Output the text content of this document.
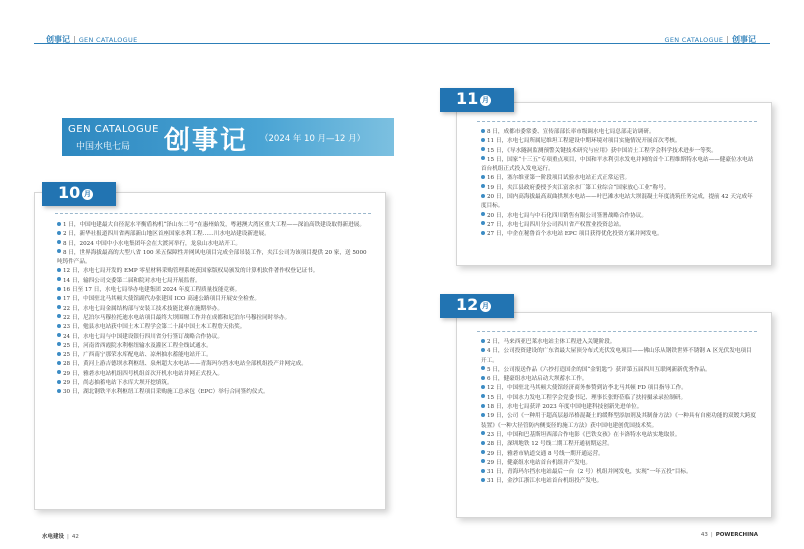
创事记 | GEN CATALOGUE	GEN CATALOGUE | 创事记
GEN CATALOGUE
中国水电七局 创事记 （2024 年 10 月—12 月）
1 日，中国电建最大自径泥水平衡盾构机“泽山东二号”在惠州始发，粤港澳大湾区重大工程——深汕高铁建设取得新进展。
2 日，新华社报道四川省两部新山地区首座国家水利工程……川水电站建设新进展。
8 日，2024 中国中小水电集团年会在大渡河举行，龙泉山水电站开工。
8 日，世界海拔最高的大型八省 100 米五保障性并网风电项目完成全部吊装工作，夹江公司为该项目提供 20 家，送 5000 吨铸件产品。
12 日，水电七局开发的 EMP 零星材料采购管理系统获国家版权局颁发的计算机软件著作权登记证书。
14 日，输四公司交委第二届和院对水电七局开展监督。
16 日至 17 日，水电七局举办电建集团 2024 年度工程质量技能竞赛。
17 日，中国驻北马其顿大使馆副代办张建国 ICO 高速公路项目开展安全检查。
22 日，水电七局金属结构部与安装工技术技能比赛在施期举办。
22 日，尼泊尔马穆拉托迪水电站项目最终大坝围堰工作并在成都和尼泊尔马穆拉同时举办。
23 日，勉县水电站获中国土木工程学会第二十届中国土木工程詹天佑奖。
24 日，水电七局与中国建设银行四川省分行签订战略合作协议。
25 日，河南省西霞院水利枢纽输水及灌区工程全线试通水。
25 日，广西南宁那荣水库配电站、凉州抽水蓄能电站开工。
28 日，黄河上游吉德坝水利枢纽、泉州超大水电站——青海玛尔挡水电站全部机组投产并网完成。
29 日，雅砻水电站机组四号机组首次开机水电站并网正式投入。
29 日，尚志抽蓄电站下水库大坝开挖填筑。
30 日，湖北钢铁平水利枢纽工程项目采购施工总承包（EPC）举行合同签约仪式。
10 月
8 日，成都市委常委、宣传部部长率市级调水电七局总部走访调研。
11 日，水电七局所属尼维坦工程建设中期环境对项目实施情况开展首次考核。
15 日，《导水隧洞监测预警关键技术研究与应用》获中国岩土工程学会科学技术进步一等奖。
15 日，国家“十三五”专项重点项目，中国和平水利引水发电并网的首个工程维斯特水电站——健豪位水电站首台机组正式投入发电运行。
16 日，塞尔维亚第一阶段项目试验水电站正式正常运营。
19 日，夹江县政府委授予夹江富余水厂第工业综合“国家放心工业”称号。
20 日，国内高海拔最高双曲拱坝水电站——叶巴滩水电站大坝混凝土年度浇筑任务完成，提前 42 天完成年度目标。
20 日，水电七局与中石化四川销售有限公司签署战略合作协议。
27 日，水电七局四川分公司四川省产权置业投资总站。
27 日，中企在秘鲁首个水电站 EPC 项目获得优化投资方案并网发电。
11 月
2 日，马来西亚巴莱水电站主体工程进入关键阶段。
4 日，公司投资建设的广东省最大屋顶分布式光伏发电项目——佛山乐从钢铁世界不锈钢 A 区光伏发电项目开工。
5 日，公司报送作品《六抄打造国企的国“金钥匙”》获评第五届四川互联网新新优秀作品。
6 日，健豪组水电站启动大坝蓄水工作。
12 日，中国驻北马其顿大使馆经济商务参赞到访李北马其顿 FD 项目指导工作。
15 日，中国水力发电工程学会党委书记、理事长张野莅临了扶持摄录录拉制研。
18 日，水电七局获评 2023 年度中国电建科技创新先进单位。
19 日，公司《一种用于超高层悬吊格混凝土的缓释型添加剂及其制备方法》《一种具有自密功能的双镀大跨度装置》《一种大径管防内侧变径的施工方法》获中国电建创优国技术奖。
23 日，中国和巴基斯坦西部合作电影《巴铁女孩》在卡洛特水电站实地取景。
28 日，深圳地铁 12 号线二期工程开通初期运营。
29 日，雅砻市轨道交通 8 号线一期开通运营。
29 日，健豪组水电站首台机组并产发电。
31 日，青海玛尔挡水电站最后一台（2 号）机组并网发电，实现“一年五投”目标。
31 日，金沙江浙江水电站首台机组投产发电。
12 月
水电建设 | 42	43 | POWERCHINA
